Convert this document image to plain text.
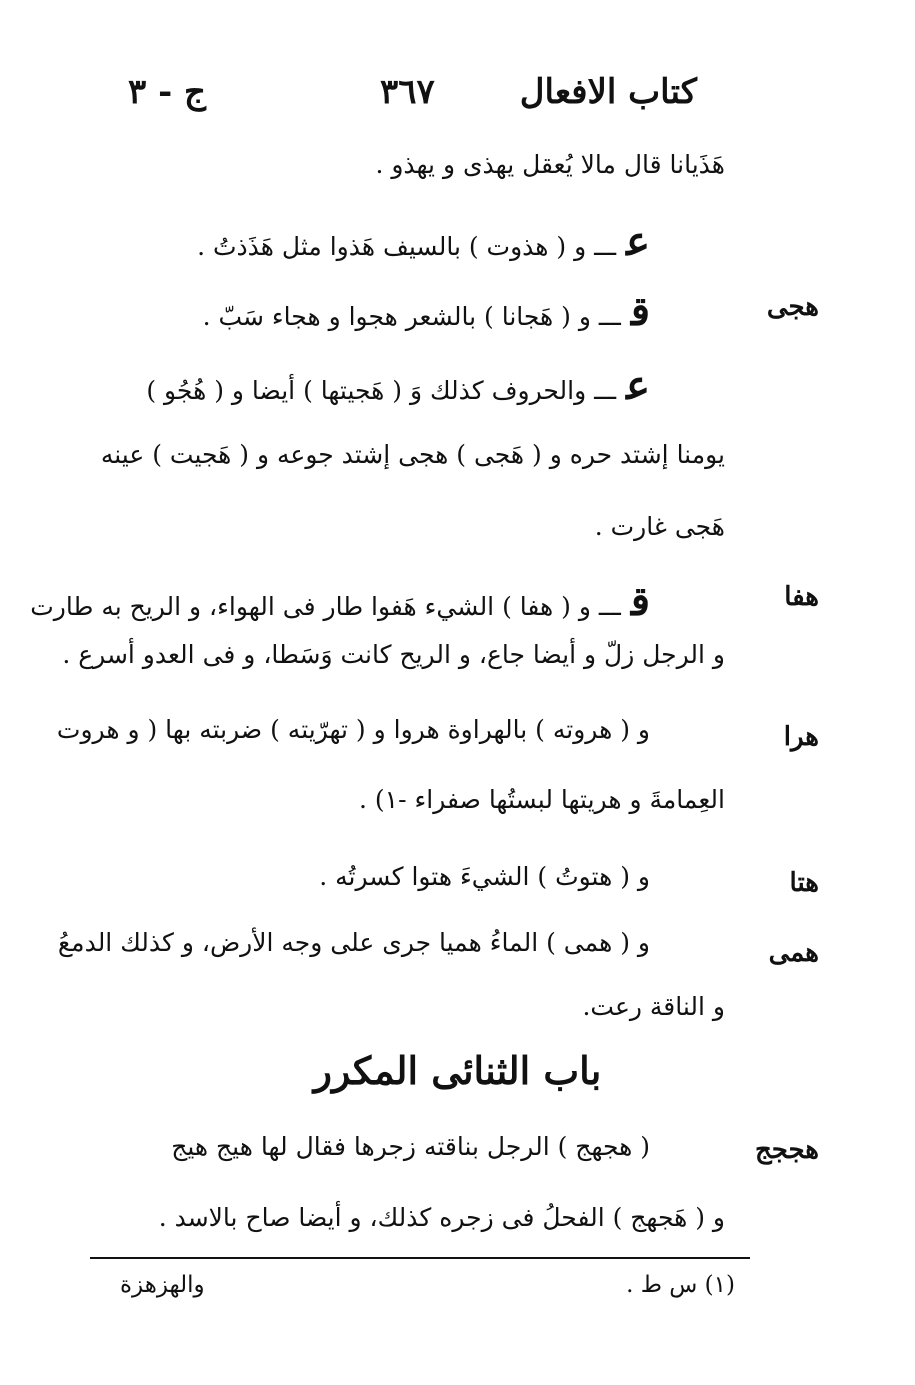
كتاب الافعال
٣٦٧
ج - ٣
هَذَيانا قال مالا يُعقل يهذى و يهذو .
عـــ و ( هذوت ) بالسيف هَذوا مثل هَذَذتُ .
قـــ و ( هَجانا ) بالشعر هجوا و هجاء سَبّ .
عـــ والحروف كذلك وَ ( هَجيتها ) أيضا و ( هُجُو )
يومنا إشتد حره و ( هَجى ) هجى إشتد جوعه و ( هَجيت ) عينه
هَجى غارت .
قـــ و ( هفا ) الشيء هَفوا طار فى الهواء، و الريح به طارت
و الرجل زلّ و أيضا جاع، و الريح كانت وَسَطا، و فى العدو أسرع .
و ( هروته ) بالهراوة هروا و ( تهرّيته ) ضربته بها ( و هروت
العِمامةَ و هريتها لبستُها صفراء -١) .
و ( هتوتُ ) الشيءَ هتوا كسرتُه .
و ( همى ) الماءُ هميا جرى على وجه الأرض، و كذلك الدمعُ
و الناقة رعت.
باب الثنائى المكرر
( هجهج ) الرجل بناقته زجرها فقال لها هيج هيج
و ( هَجهج ) الفحلُ فى زجره كذلك، و أيضا صاح بالاسد .
هجى
هفا
هرا
هتا
همى
هججج
(١) س ط .
والهزهزة
